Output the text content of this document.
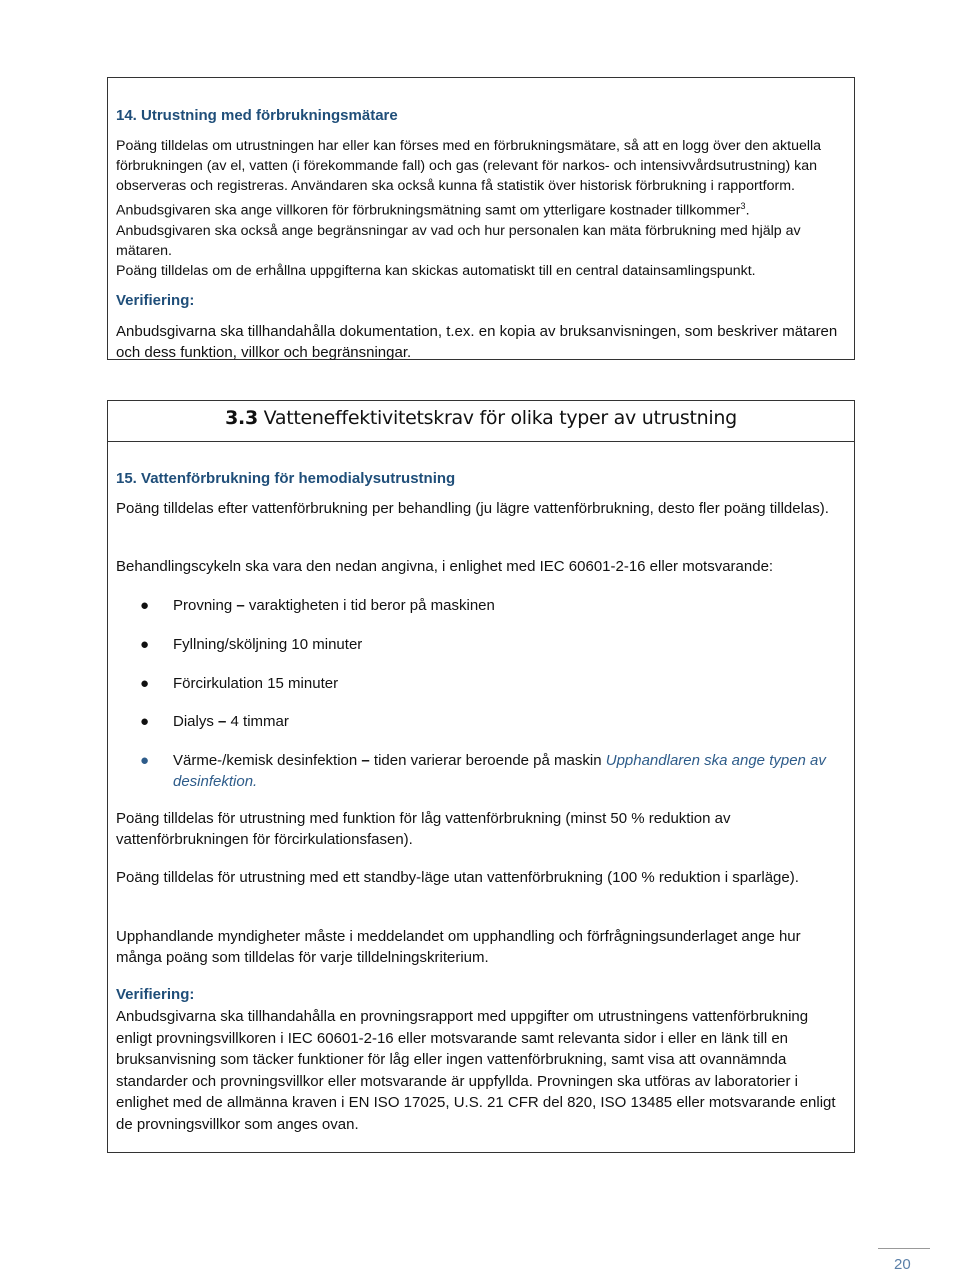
14. Utrustning med förbrukningsmätare

Poäng tilldelas om utrustningen har eller kan förses med en förbrukningsmätare, så att en logg över den aktuella förbrukningen (av el, vatten (i förekommande fall) och gas (relevant för narkos- och intensivvårdsutrustning) kan observeras och registreras. Användaren ska också kunna få statistik över historisk förbrukning i rapportform. Anbudsgivaren ska ange villkoren för förbrukningsmätning samt om ytterligare kostnader tillkommer$^3$. Anbudsgivaren ska också ange begränsningar av vad och hur personalen kan mäta förbrukning med hjälp av mätaren.
Poäng tilldelas om de erhållna uppgifterna kan skickas automatiskt till en central datainsamlingspunkt.

Verifiering:

Anbudsgivarna ska tillhandahålla dokumentation, t.ex. en kopia av bruksanvisningen, som beskriver mätaren och dess funktion, villkor och begränsningar.

3.3 Vatteneffektivitetskrav för olika typer av utrustning
15. Vattenförbrukning för hemodialysutrustning

Poäng tilldelas efter vattenförbrukning per behandling (ju lägre vattenförbrukning, desto fler poäng tilldelas).

Behandlingscykeln ska vara den nedan angivna, i enlighet med IEC 60601-2-16 eller motsvarande:

● Provning – varaktigheten i tid beror på maskinen
● Fyllning/sköljning 10 minuter
● Förcirkulation 15 minuter
● Dialys – 4 timmar
● Värme-/kemisk desinfektion – tiden varierar beroende på maskin Upphandlaren ska ange typen av desinfektion.

Poäng tilldelas för utrustning med funktion för låg vattenförbrukning (minst 50 % reduktion av vattenförbrukningen för förcirkulationsfasen).

Poäng tilldelas för utrustning med ett standby-läge utan vattenförbrukning (100 % reduktion i sparläge).

Upphandlande myndigheter måste i meddelandet om upphandling och förfrågningsunderlaget ange hur många poäng som tilldelas för varje tilldelningskriterium.

Verifiering:

Anbudsgivarna ska tillhandahålla en provningsrapport med uppgifter om utrustningens vattenförbrukning enligt provningsvillkoren i IEC 60601-2-16 eller motsvarande samt relevanta sidor i eller en länk till en bruksanvisning som täcker funktioner för låg eller ingen vattenförbrukning, samt visa att ovannämnda standarder och provningsvillkor eller motsvarande är uppfyllda. Provningen ska utföras av laboratorier i enlighet med de allmänna kraven i EN ISO 17025, U.S. 21 CFR del 820, ISO 13485 eller motsvarande enligt de provningsvillkor som anges ovan.

20
